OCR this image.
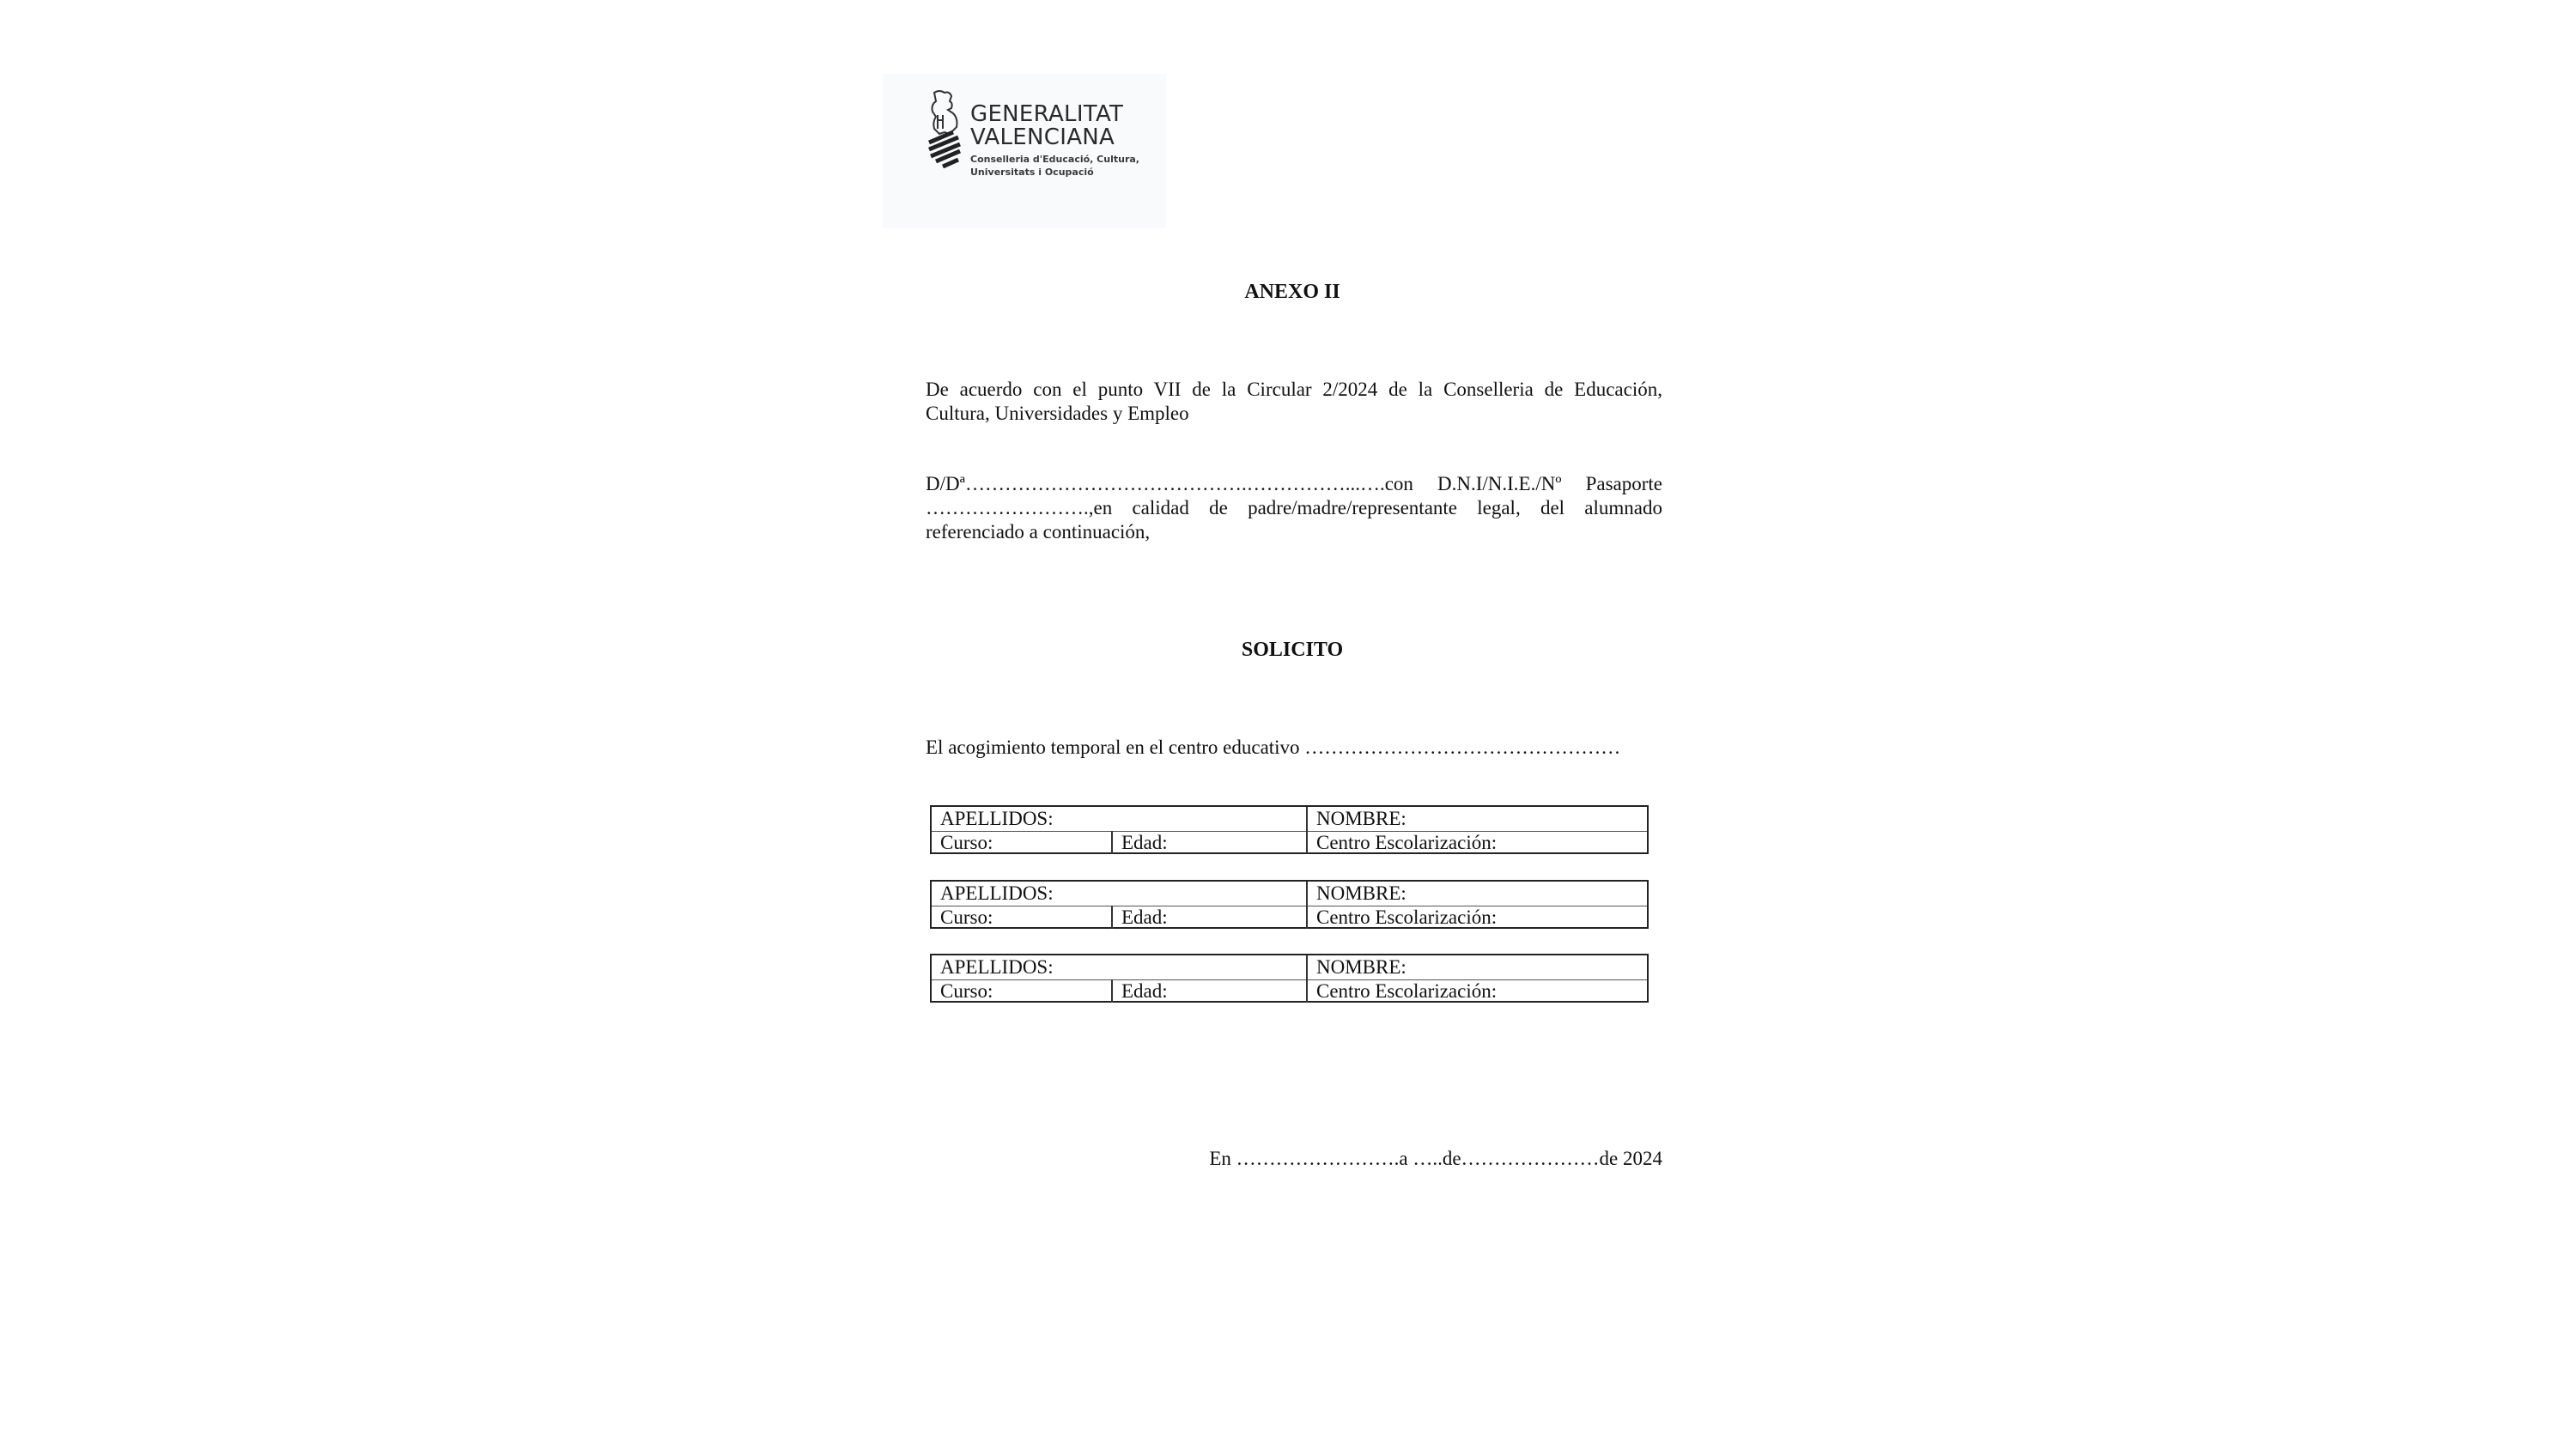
GENERALITAT
VALENCIANA
Conselleria d'Educació, Cultura,
Universitats i Ocupació
ANEXO II
De acuerdo con el punto VII de la Circular 2/2024 de la Conselleria de Educación,
Cultura, Universidades y Empleo
D/Dª…………………………………….……………...….con D.N.I/N.I.E./Nº Pasaporte
…………………….,en calidad de padre/madre/representante legal, del alumnado
referenciado a continuación,
SOLICITO
El acogimiento temporal en el centro educativo …………………………………………
APELLIDOS:	NOMBRE:
Curso:	Edad:	Centro Escolarización:
APELLIDOS:	NOMBRE:
Curso:	Edad:	Centro Escolarización:
APELLIDOS:	NOMBRE:
Curso:	Edad:	Centro Escolarización:
En …………………….a …..de…………………de 2024
